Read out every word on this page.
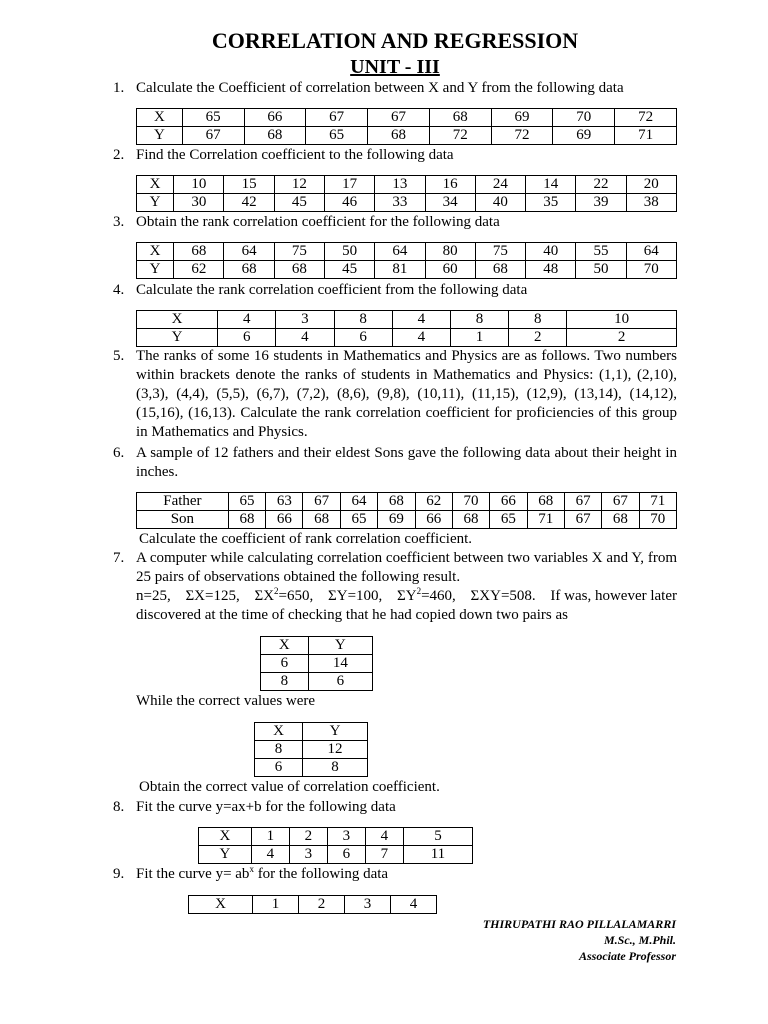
CORRELATION AND REGRESSION
UNIT - III
1. Calculate the Coefficient of correlation between X and Y from the following data
X	65	66	67	67	68	69	70	72
Y	67	68	65	68	72	72	69	71
2. Find the Correlation coefficient to the following data
X	10	15	12	17	13	16	24	14	22	20
Y	30	42	45	46	33	34	40	35	39	38
3. Obtain the rank correlation coefficient for the following data
X	68	64	75	50	64	80	75	40	55	64
Y	62	68	68	45	81	60	68	48	50	70
4. Calculate the rank correlation coefficient from the following data
X	4	3	8	4	8	8	10
Y	6	4	6	4	1	2	2
5. The ranks of some 16 students in Mathematics and Physics are as follows. Two numbers within brackets denote the ranks of students in Mathematics and Physics: (1,1), (2,10), (3,3), (4,4), (5,5), (6,7), (7,2), (8,6), (9,8), (10,11), (11,15), (12,9), (13,14), (14,12), (15,16), (16,13). Calculate the rank correlation coefficient for proficiencies of this group in Mathematics and Physics.
6. A sample of 12 fathers and their eldest Sons gave the following data about their height in inches.
Father	65	63	67	64	68	62	70	66	68	67	67	71
Son	68	66	68	65	69	66	68	65	71	67	68	70
Calculate the coefficient of rank correlation coefficient.
7. A computer while calculating correlation coefficient between two variables X and Y, from 25 pairs of observations obtained the following result.
n=25, ΣX=125, $\Sigma X^2=650$, ΣY=100, $\Sigma Y^2=460$, ΣXY=508. If was, however later
discovered at the time of checking that he had copied down two pairs as
X	Y
6	14
8	6
While the correct values were
X	Y
8	12
6	8
Obtain the correct value of correlation coefficient.
8. Fit the curve y=ax+b for the following data
X	1	2	3	4	5
Y	4	3	6	7	11
9. Fit the curve $y= ab^x$ for the following data
X	1	2	3	4
THIRUPATHI RAO PILLALAMARRI
M.Sc., M.Phil.
Associate Professor
